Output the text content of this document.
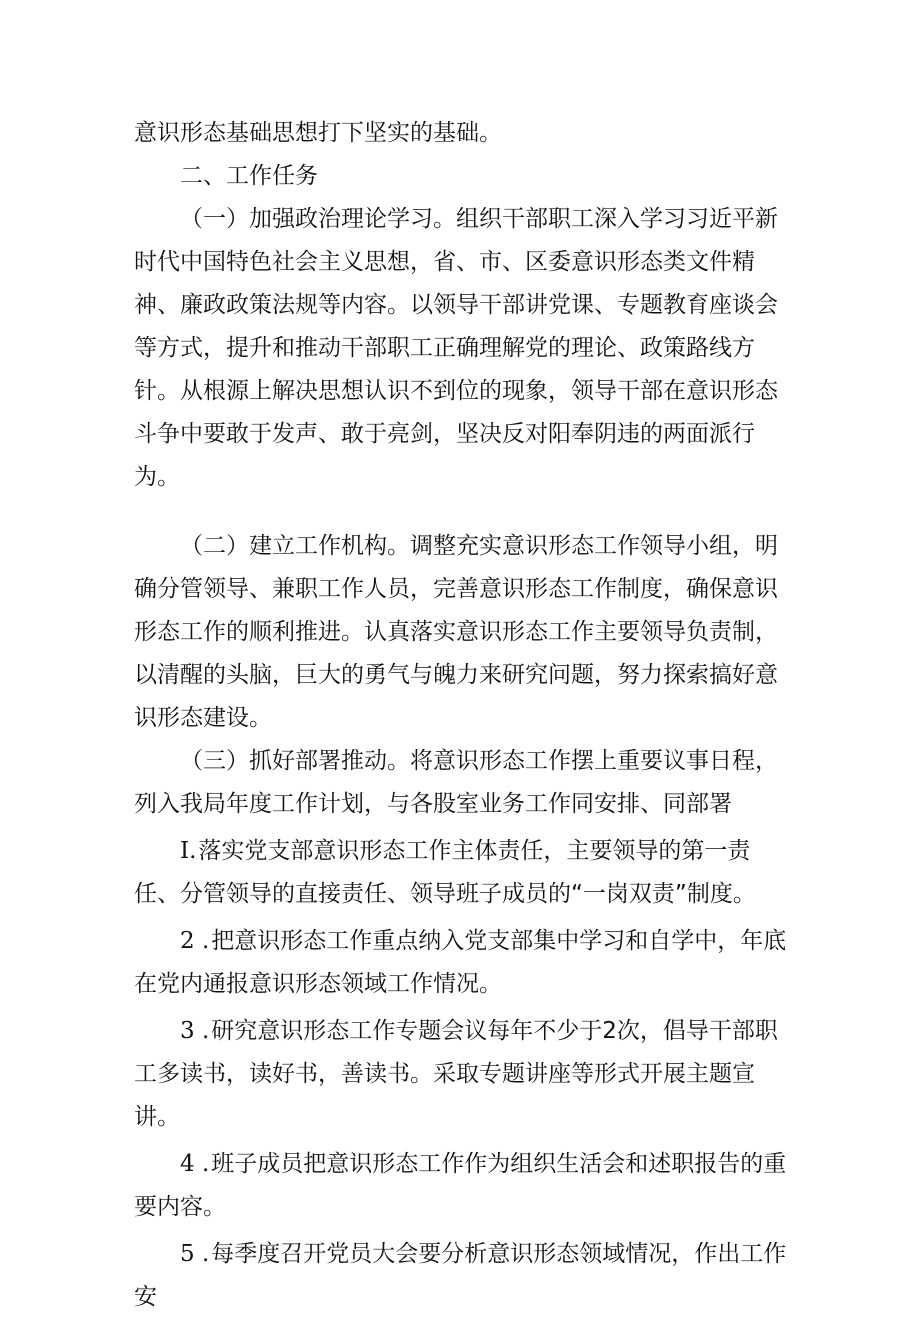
意识形态基础思想打下坚实的基础。

二、工作任务

（一）加强政治理论学习。组织干部职工深入学习习近平新时代中国特色社会主义思想，省、市、区委意识形态类文件精神、廉政政策法规等内容。以领导干部讲党课、专题教育座谈会等方式，提升和推动干部职工正确理解党的理论、政策路线方针。从根源上解决思想认识不到位的现象，领导干部在意识形态斗争中要敢于发声、敢于亮剑，坚决反对阳奉阴违的两面派行为。

（二）建立工作机构。调整充实意识形态工作领导小组，明确分管领导、兼职工作人员，完善意识形态工作制度，确保意识形态工作的顺利推进。认真落实意识形态工作主要领导负责制，以清醒的头脑，巨大的勇气与魄力来研究问题，努力探索搞好意识形态建设。

（三）抓好部署推动。将意识形态工作摆上重要议事日程，列入我局年度工作计划，与各股室业务工作同安排、同部署

I.落实党支部意识形态工作主体责任，主要领导的第一责任、分管领导的直接责任、领导班子成员的“一岗双责”制度。

2 .把意识形态工作重点纳入党支部集中学习和自学中，年底在党内通报意识形态领域工作情况。

3 .研究意识形态工作专题会议每年不少于2次，倡导干部职工多读书，读好书，善读书。采取专题讲座等形式开展主题宣讲。

4 .班子成员把意识形态工作作为组织生活会和述职报告的重要内容。

5 .每季度召开党员大会要分析意识形态领域情况，作出工作安
